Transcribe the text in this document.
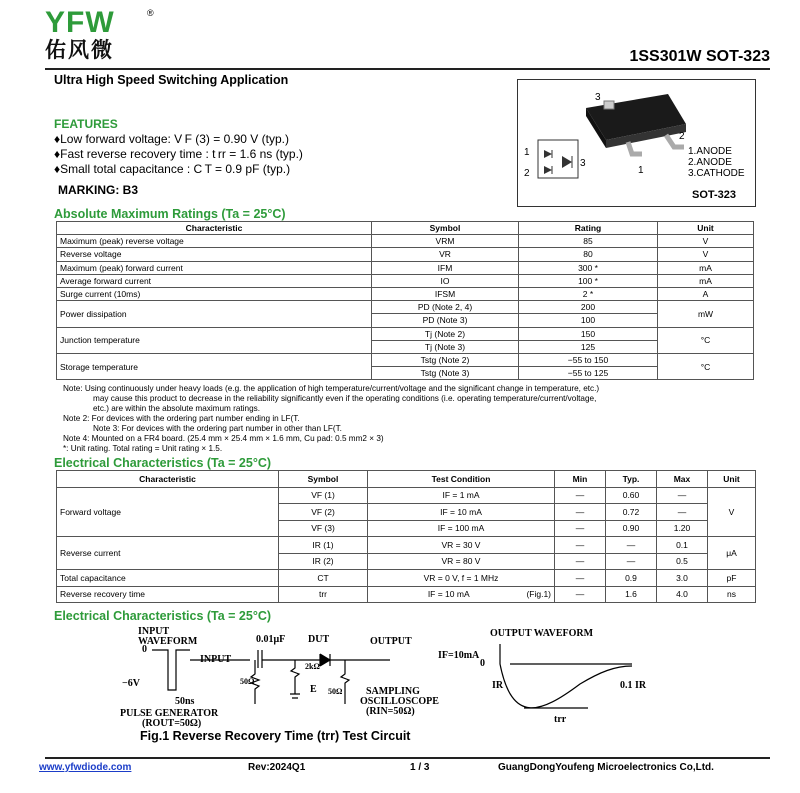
YFW	®
佑风微	1SS301W SOT-323
Ultra High Speed Switching Application
FEATURES
♦Low forward voltage: V F (3) = 0.90 V (typ.)
♦Fast reverse recovery time : t rr = 1.6 ns (typ.)
♦Small total capacitance : C T = 0.9 pF (typ.)
MARKING: B3
3
2
1
1
2
3
1.ANODE
2.ANODE
3.CATHODE
SOT-323
Absolute Maximum Ratings (Ta = 25°C)
Characteristic	Symbol	Rating	Unit
Maximum (peak) reverse voltage	VRM	85	V
Reverse voltage	VR	80	V
Maximum (peak) forward current	IFM	300 *	mA
Average forward current	IO	100 *	mA
Surge current (10ms)	IFSM	2 *	A
Power dissipation	PD (Note 2, 4)	200	mW
	PD (Note 3)	100	
Junction temperature	Tj (Note 2)	150	°C
	Tj (Note 3)	125	
Storage temperature	Tstg (Note 2)	−55 to 150	°C
	Tstg (Note 3)	−55 to 125	
Note: Using continuously under heavy loads (e.g. the application of high temperature/current/voltage and the significant change in temperature, etc.)
may cause this product to decrease in the reliability significantly even if the operating conditions (i.e. operating temperature/current/voltage,
etc.) are within the absolute maximum ratings.
Note 2: For devices with the ordering part number ending in LF(T.
Note 3: For devices with the ordering part number in other than LF(T.
Note 4: Mounted on a FR4 board. (25.4 mm × 25.4 mm × 1.6 mm, Cu pad: 0.5 mm2 × 3)
*: Unit rating. Total rating = Unit rating × 1.5.
Electrical Characteristics (Ta = 25°C)
Characteristic	Symbol	Test Condition	Min	Typ.	Max	Unit
Forward voltage	VF (1)	IF = 1 mA	—	0.60	—	V
	VF (2)	IF = 10 mA	—	0.72	—	
	VF (3)	IF = 100 mA	—	0.90	1.20	
Reverse current	IR (1)	VR = 30 V	—	—	0.1	μA
	IR (2)	VR = 80 V	—	—	0.5	
Total capacitance	CT	VR = 0 V, f = 1 MHz	—	0.9	3.0	pF
Reverse recovery time	trr	IF = 10 mA (Fig.1)	—	1.6	4.0	ns
Electrical Characteristics (Ta = 25°C)
INPUT
WAVEFORM
0
−6V
INPUT
50ns
PULSE GENERATOR
(ROUT=50Ω)
0.01μF DUT	OUTPUT
50Ω
2kΩ
50Ω
E	SAMPLING
OSCILLOSCOPE
(RIN=50Ω)
OUTPUT WAVEFORM
IF=10mA
0
IR	0.1 IR
trr
Fig.1 Reverse Recovery Time (trr) Test Circuit
www.yfwdiode.com	Rev:2024Q1	1 / 3	GuangDongYoufeng Microelectronics Co,Ltd.
